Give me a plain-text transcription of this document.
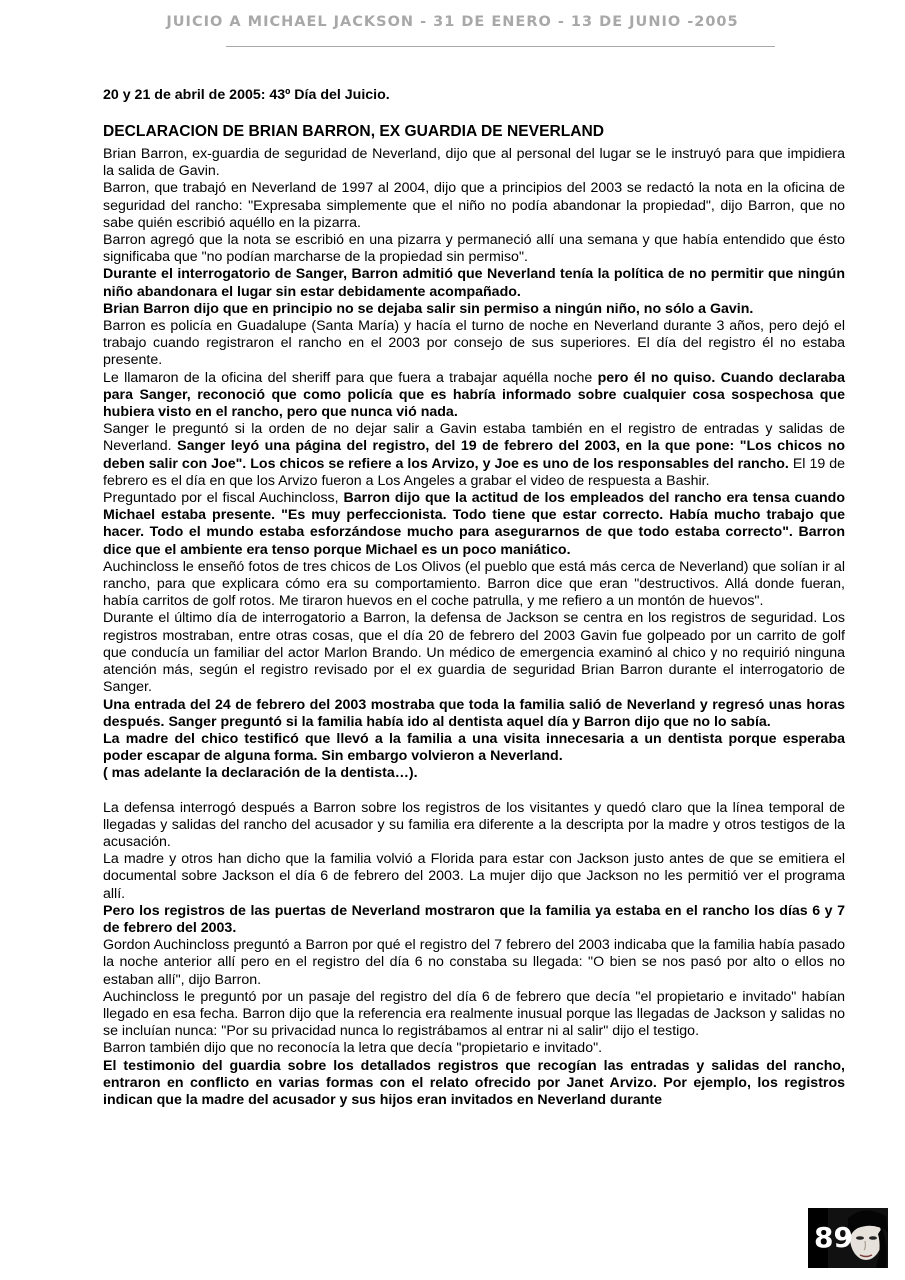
JUICIO A MICHAEL JACKSON - 31 DE ENERO - 13 DE JUNIO -2005
20 y 21 de abril de 2005: 43º Día del Juicio.
DECLARACION DE BRIAN BARRON, EX GUARDIA DE NEVERLAND

Brian Barron, ex-guardia de seguridad de Neverland, dijo que al personal del lugar se le instruyó para que impidiera la salida de Gavin.

Barron, que trabajó en Neverland de 1997 al 2004, dijo que a principios del 2003 se redactó la nota en la oficina de seguridad del rancho: "Expresaba simplemente que el niño no podía abandonar la propiedad", dijo Barron, que no sabe quién escribió aquéllo en la pizarra.

Barron agregó que la nota se escribió en una pizarra y permaneció allí una semana y que había entendido que ésto significaba que "no podían marcharse de la propiedad sin permiso".

Durante el interrogatorio de Sanger, Barron admitió que Neverland tenía la política de no permitir que ningún niño abandonara el lugar sin estar debidamente acompañado.

Brian Barron dijo que en principio no se dejaba salir sin permiso a ningún niño, no sólo a Gavin.

Barron es policía en Guadalupe (Santa María) y hacía el turno de noche en Neverland durante 3 años, pero dejó el trabajo cuando registraron el rancho en el 2003 por consejo de sus superiores. El día del registro él no estaba presente.

Le llamaron de la oficina del sheriff para que fuera a trabajar aquélla noche pero él no quiso. Cuando declaraba para Sanger, reconoció que como policía que es habría informado sobre cualquier cosa sospechosa que hubiera visto en el rancho, pero que nunca vió nada.

Sanger le preguntó si la orden de no dejar salir a Gavin estaba también en el registro de entradas y salidas de Neverland. Sanger leyó una página del registro, del 19 de febrero del 2003, en la que pone: "Los chicos no deben salir con Joe". Los chicos se refiere a los Arvizo, y Joe es uno de los responsables del rancho. El 19 de febrero es el día en que los Arvizo fueron a Los Angeles a grabar el video de respuesta a Bashir.

Preguntado por el fiscal Auchincloss, Barron dijo que la actitud de los empleados del rancho era tensa cuando Michael estaba presente. "Es muy perfeccionista. Todo tiene que estar correcto. Había mucho trabajo que hacer. Todo el mundo estaba esforzándose mucho para asegurarnos de que todo estaba correcto". Barron dice que el ambiente era tenso porque Michael es un poco maniático.

Auchincloss le enseñó fotos de tres chicos de Los Olivos (el pueblo que está más cerca de Neverland) que solían ir al rancho, para que explicara cómo era su comportamiento. Barron dice que eran "destructivos. Allá donde fueran, había carritos de golf rotos. Me tiraron huevos en el coche patrulla, y me refiero a un montón de huevos".

Durante el último día de interrogatorio a Barron, la defensa de Jackson se centra en los registros de seguridad. Los registros mostraban, entre otras cosas, que el día 20 de febrero del 2003 Gavin fue golpeado por un carrito de golf que conducía un familiar del actor Marlon Brando. Un médico de emergencia examinó al chico y no requirió ninguna atención más, según el registro revisado por el ex guardia de seguridad Brian Barron durante el interrogatorio de Sanger.

Una entrada del 24 de febrero del 2003 mostraba que toda la familia salió de Neverland y regresó unas horas después. Sanger preguntó si la familia había ido al dentista aquel día y Barron dijo que no lo sabía.

La madre del chico testificó que llevó a la familia a una visita innecesaria a un dentista porque esperaba poder escapar de alguna forma. Sin embargo volvieron a Neverland.

( mas adelante la declaración de la dentista…).

La defensa interrogó después a Barron sobre los registros de los visitantes y quedó claro que la línea temporal de llegadas y salidas del rancho del acusador y su familia era diferente a la descripta por la madre y otros testigos de la acusación.

La madre y otros han dicho que la familia volvió a Florida para estar con Jackson justo antes de que se emitiera el documental sobre Jackson el día 6 de febrero del 2003. La mujer dijo que Jackson no les permitió ver el programa allí.

Pero los registros de las puertas de Neverland mostraron que la familia ya estaba en el rancho los días 6 y 7 de febrero del 2003.

Gordon Auchincloss preguntó a Barron por qué el registro del 7 febrero del 2003 indicaba que la familia había pasado la noche anterior allí pero en el registro del día 6 no constaba su llegada: "O bien se nos pasó por alto o ellos no estaban allí", dijo Barron.

Auchincloss le preguntó por un pasaje del registro del día 6 de febrero que decía "el propietario e invitado" habían llegado en esa fecha. Barron dijo que la referencia era realmente inusual porque las llegadas de Jackson y salidas no se incluían nunca: "Por su privacidad nunca lo registrábamos al entrar ni al salir" dijo el testigo.

Barron también dijo que no reconocía la letra que decía "propietario e invitado".

El testimonio del guardia sobre los detallados registros que recogían las entradas y salidas del rancho, entraron en conflicto en varias formas con el relato ofrecido por Janet Arvizo. Por ejemplo, los registros indican que la madre del acusador y sus hijos eran invitados en Neverland durante

89
